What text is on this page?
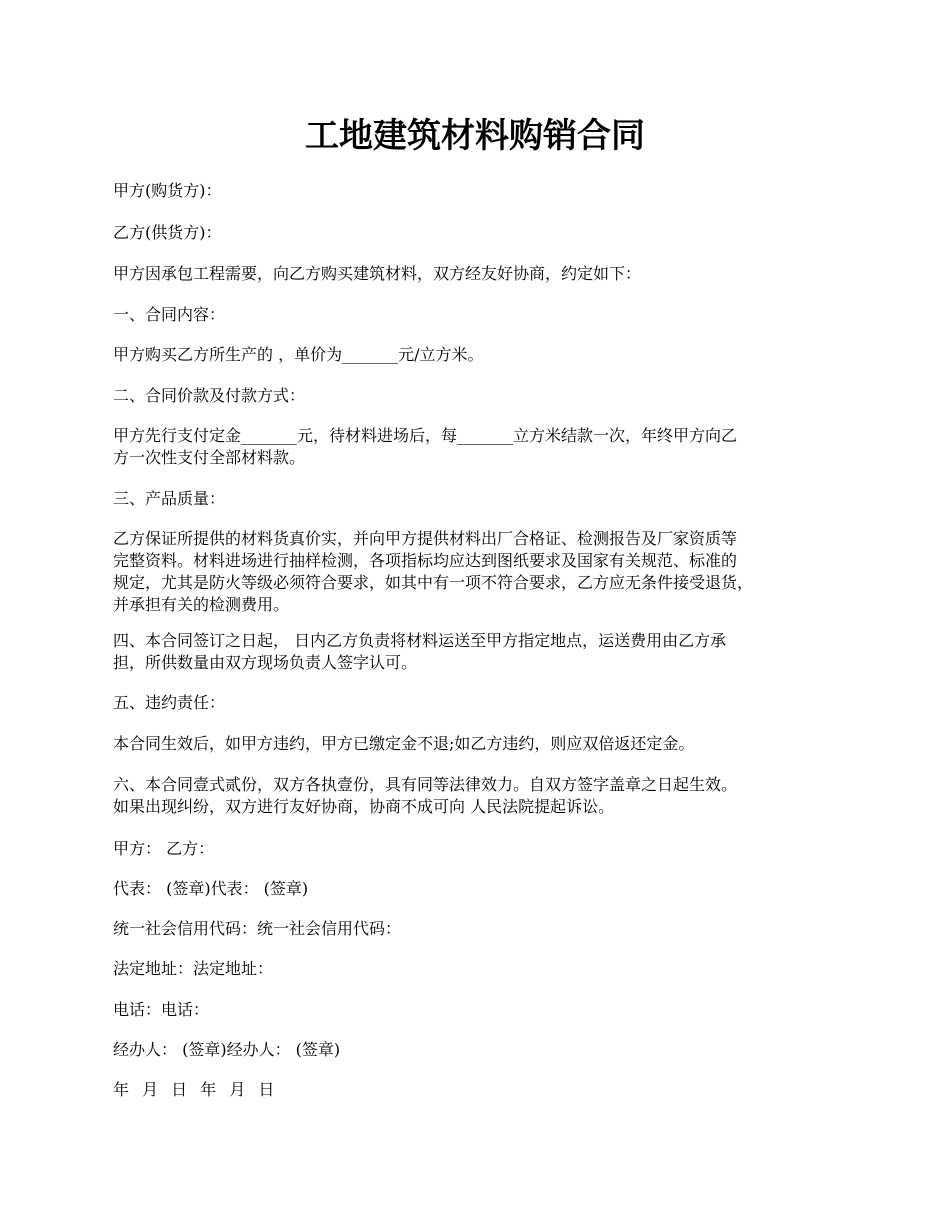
工地建筑材料购销合同

甲方(购货方)：

乙方(供货方)：

甲方因承包工程需要，向乙方购买建筑材料，双方经友好协商，约定如下：

一、合同内容：

甲方购买乙方所生产的 ，单价为_______元/立方米。

二、合同价款及付款方式：

甲方先行支付定金_______元，待材料进场后，每_______立方米结款一次，年终甲方向乙
方一次性支付全部材料款。

三、产品质量：

乙方保证所提供的材料货真价实，并向甲方提供材料出厂合格证、检测报告及厂家资质等
完整资料。材料进场进行抽样检测，各项指标均应达到图纸要求及国家有关规范、标准的
规定，尤其是防火等级必须符合要求，如其中有一项不符合要求，乙方应无条件接受退货，
并承担有关的检测费用。

四、本合同签订之日起， 日内乙方负责将材料运送至甲方指定地点，运送费用由乙方承
担，所供数量由双方现场负责人签字认可。

五、违约责任：

本合同生效后，如甲方违约，甲方已缴定金不退;如乙方违约，则应双倍返还定金。

六、本合同壹式贰份，双方各执壹份，具有同等法律效力。自双方签字盖章之日起生效。
如果出现纠纷，双方进行友好协商，协商不成可向 人民法院提起诉讼。

甲方： 乙方：

代表： (签章)代表： (签章)

统一社会信用代码：统一社会信用代码：

法定地址：法定地址：

电话：电话：

经办人： (签章)经办人： (签章)

年 月 日 年 月 日
